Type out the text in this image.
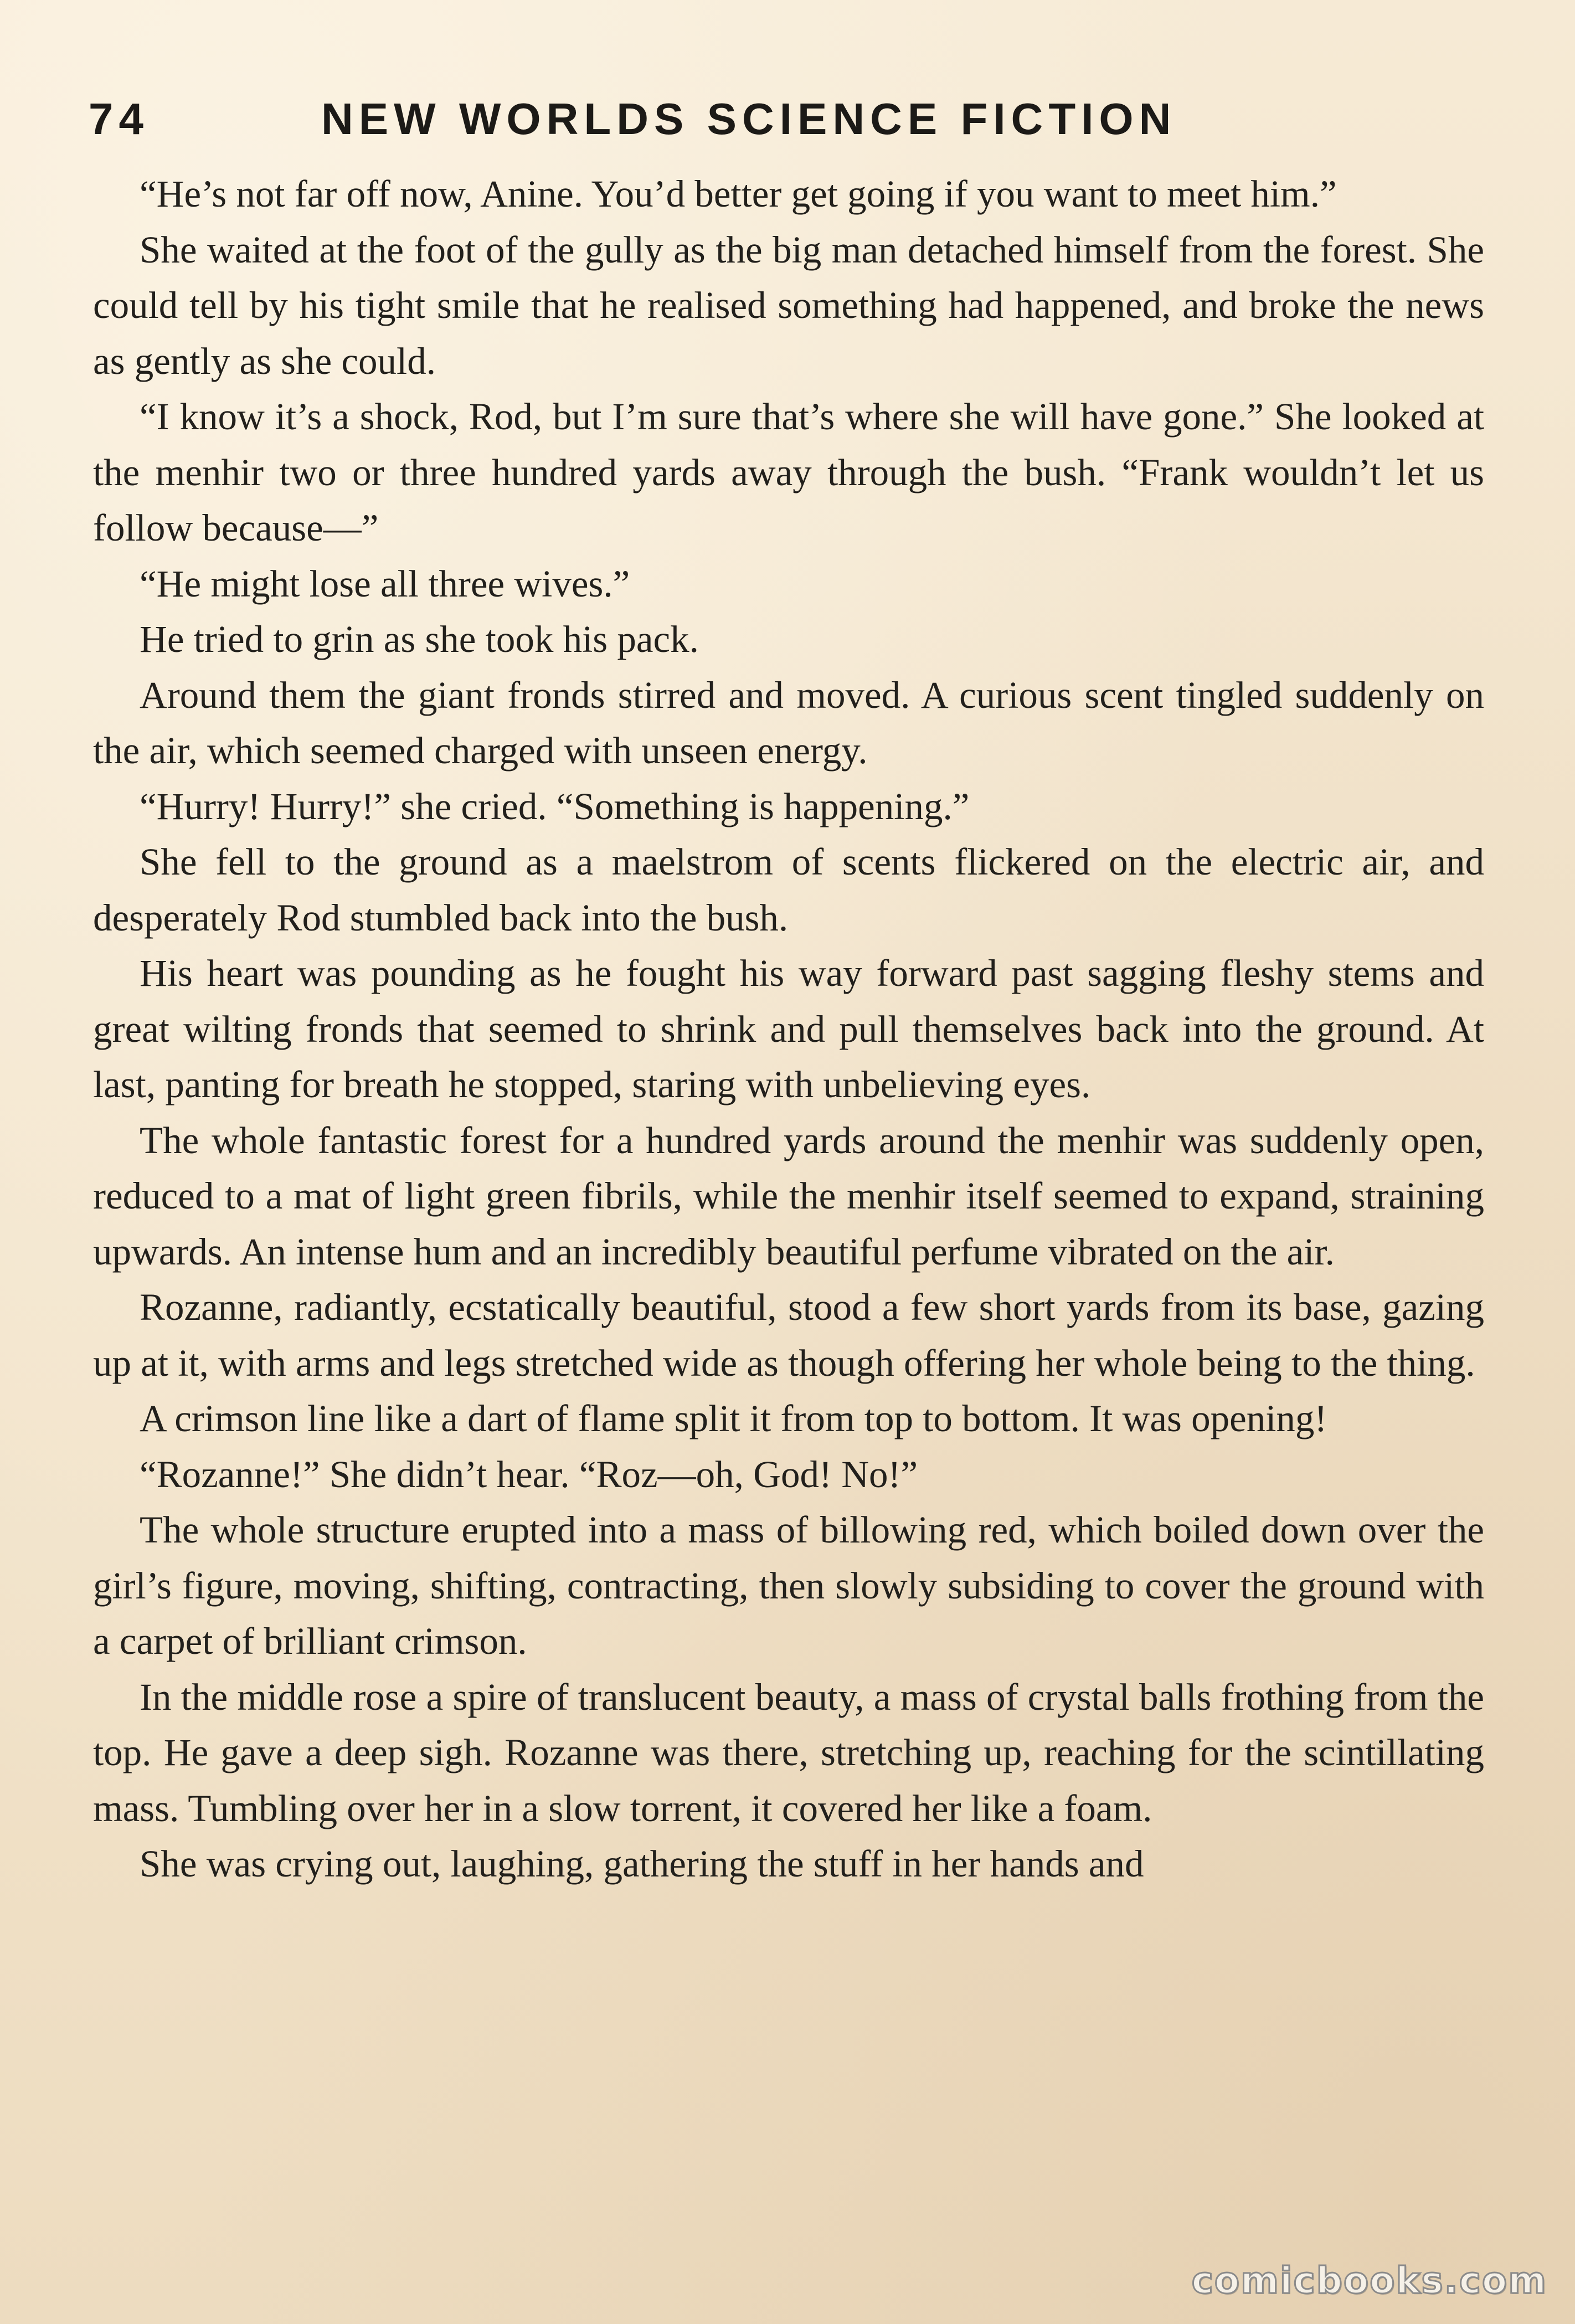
74	NEW WORLDS SCIENCE FICTION

“He’s not far off now, Anine. You’d better get going if you want to meet him.”

She waited at the foot of the gully as the big man detached himself from the forest. She could tell by his tight smile that he realised something had happened, and broke the news as gently as she could.

“I know it’s a shock, Rod, but I’m sure that’s where she will have gone.” She looked at the menhir two or three hundred yards away through the bush. “Frank wouldn’t let us follow because—”

“He might lose all three wives.”

He tried to grin as she took his pack.

Around them the giant fronds stirred and moved. A curious scent tingled suddenly on the air, which seemed charged with unseen energy.

“Hurry! Hurry!” she cried. “Something is happening.”

She fell to the ground as a maelstrom of scents flickered on the electric air, and desperately Rod stumbled back into the bush.

His heart was pounding as he fought his way forward past sagging fleshy stems and great wilting fronds that seemed to shrink and pull themselves back into the ground. At last, panting for breath he stopped, staring with unbelieving eyes.

The whole fantastic forest for a hundred yards around the menhir was suddenly open, reduced to a mat of light green fibrils, while the menhir itself seemed to expand, straining upwards. An intense hum and an incredibly beautiful perfume vibrated on the air.

Rozanne, radiantly, ecstatically beautiful, stood a few short yards from its base, gazing up at it, with arms and legs stretched wide as though offering her whole being to the thing.

A crimson line like a dart of flame split it from top to bottom. It was opening!

“Rozanne!” She didn’t hear. “Roz—oh, God! No!”

The whole structure erupted into a mass of billowing red, which boiled down over the girl’s figure, moving, shifting, contracting, then slowly subsiding to cover the ground with a carpet of brilliant crimson.

In the middle rose a spire of translucent beauty, a mass of crystal balls frothing from the top. He gave a deep sigh. Rozanne was there, stretching up, reaching for the scintillating mass. Tumbling over her in a slow torrent, it covered her like a foam.

She was crying out, laughing, gathering the stuff in her hands and

comicbooks.com
